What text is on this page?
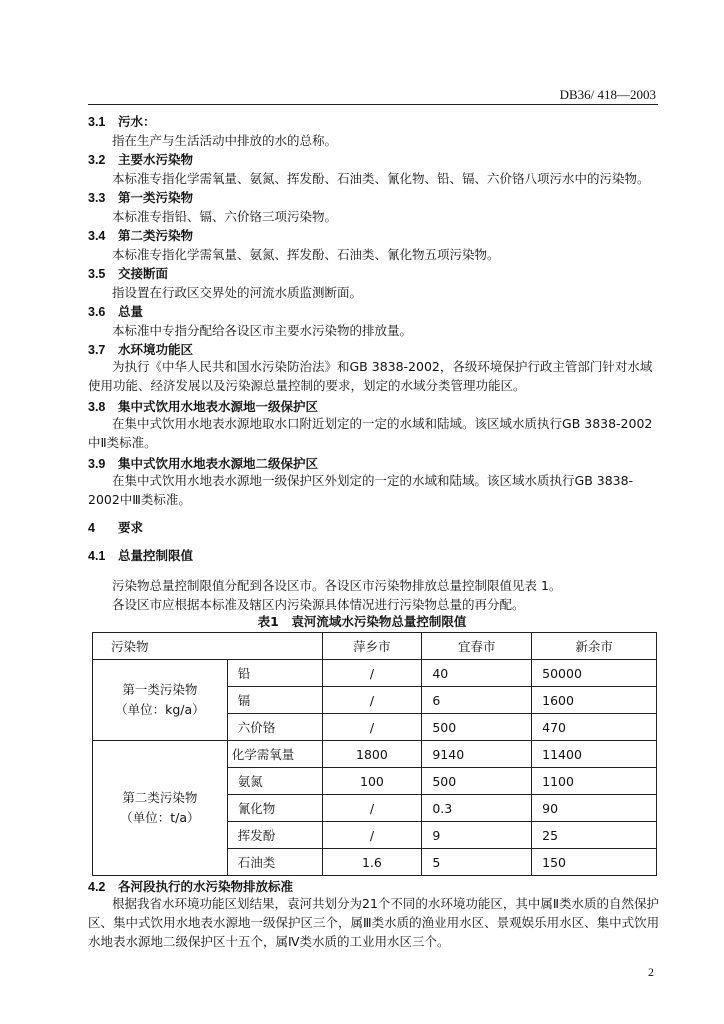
DB36/ 418—2003
3.1 污水：
指在生产与生活活动中排放的水的总称。
3.2 主要水污染物
本标准专指化学需氧量、氨氮、挥发酚、石油类、氰化物、铅、镉、六价铬八项污水中的污染物。
3.3 第一类污染物
本标准专指铅、镉、六价铬三项污染物。
3.4 第二类污染物
本标准专指化学需氧量、氨氮、挥发酚、石油类、氰化物五项污染物。
3.5 交接断面
指设置在行政区交界处的河流水质监测断面。
3.6 总量
本标准中专指分配给各设区市主要水污染物的排放量。
3.7 水环境功能区
为执行《中华人民共和国水污染防治法》和GB 3838-2002，各级环境保护行政主管部门针对水域使用功能、经济发展以及污染源总量控制的要求，划定的水域分类管理功能区。
3.8 集中式饮用水地表水源地一级保护区
在集中式饮用水地表水源地取水口附近划定的一定的水域和陆域。该区域水质执行GB 3838-2002中Ⅱ类标准。
3.9 集中式饮用水地表水源地二级保护区
在集中式饮用水地表水源地一级保护区外划定的一定的水域和陆域。该区域水质执行GB 3838-2002中Ⅲ类标准。
4 要求
4.1 总量控制限值
污染物总量控制限值分配到各设区市。各设区市污染物排放总量控制限值见表 1。
各设区市应根据本标准及辖区内污染源具体情况进行污染物总量的再分配。
表1　袁河流域水污染物总量控制限值
污染物		萍乡市	宜春市	新余市

第一类污染物
（单位：kg/a）	铅	/	40	50000
	镉	/	6	1600
	六价铬	/	500	470

第二类污染物
（单位：t/a）	化学需氧量	1800	9140	11400
	氨氮	100	500	1100
	氰化物	/	0.3	90
	挥发酚	/	9	25
	石油类	1.6	5	150
4.2 各河段执行的水污染物排放标准
根据我省水环境功能区划结果，袁河共划分为21个不同的水环境功能区，其中属Ⅱ类水质的自然保护区、集中式饮用水地表水源地一级保护区三个，属Ⅲ类水质的渔业用水区、景观娱乐用水区、集中式饮用水地表水源地二级保护区十五个，属Ⅳ类水质的工业用水区三个。
2
